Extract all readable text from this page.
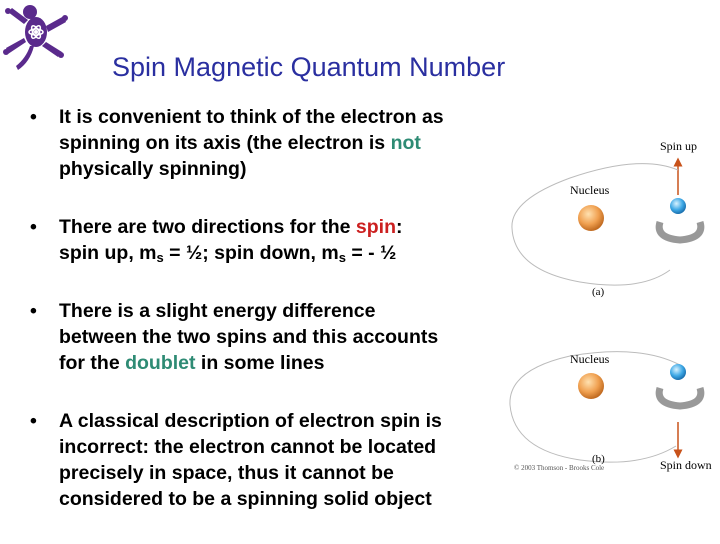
Spin Magnetic Quantum Number
• It is convenient to think of the electron as
spinning on its axis (the electron is not
physically spinning)
• There are two directions for the spin:
spin up, $m_s$ = ½; spin down, $m_s$ = - ½
• There is a slight energy difference
between the two spins and this accounts
for the doublet in some lines
• A classical description of electron spin is
incorrect: the electron cannot be located
precisely in space, thus it cannot be
considered to be a spinning solid object
Spin up
Nucleus
(a)
Nucleus
Spin down
(b)
© 2003 Thomson - Brooks Cole
